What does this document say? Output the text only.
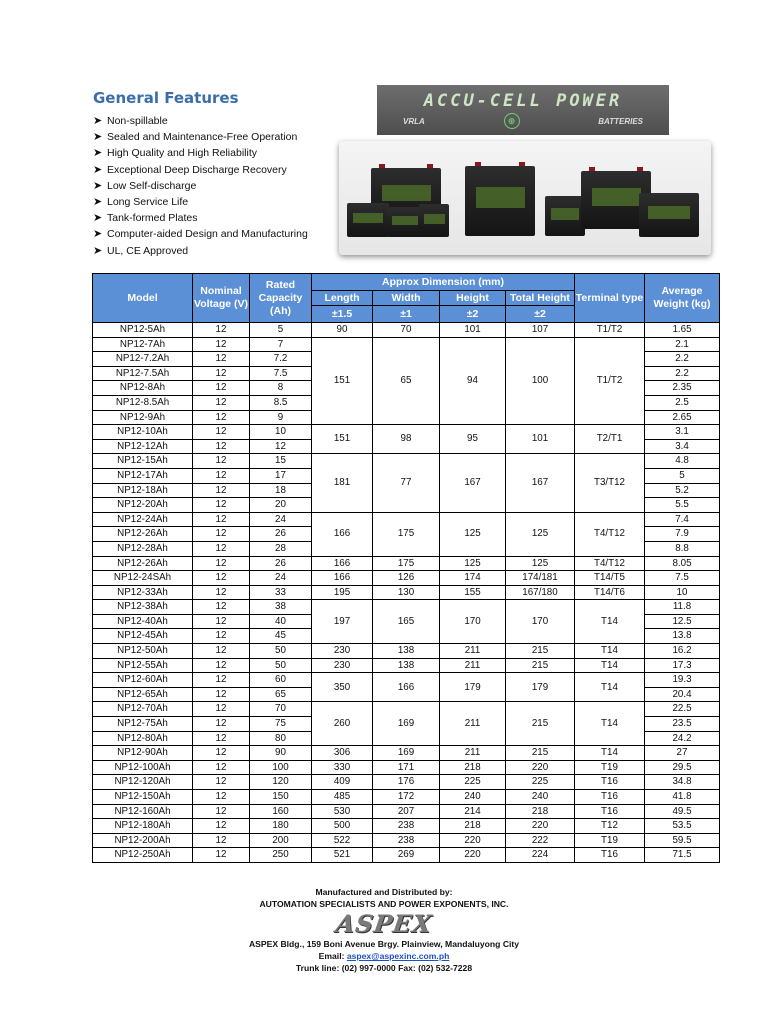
General Features
➤ Non-spillable
➤ Sealed and Maintenance-Free Operation
➤ High Quality and High Reliability
➤ Exceptional Deep Discharge Recovery
➤ Low Self-discharge
➤ Long Service Life
➤ Tank-formed Plates
➤ Computer-aided Design and Manufacturing
➤ UL, CE Approved
ACCU-CELL POWER
VRLA	⊕	BATTERIES
Model	Nominal Voltage (V)	Rated Capacity (Ah)	Approx Dimension (mm)				Terminal type	Average Weight (kg)
			Length	Width	Height	Total Height		
			±1.5	±1	±2	±2		
NP12-5Ah	12	5	90	70	101	107	T1/T2	1.65
NP12-7Ah	12	7	151	65	94	100	T1/T2	2.1
NP12-7.2Ah	12	7.2						2.2
NP12-7.5Ah	12	7.5						2.2
NP12-8Ah	12	8						2.35
NP12-8.5Ah	12	8.5						2.5
NP12-9Ah	12	9						2.65
NP12-10Ah	12	10	151	98	95	101	T2/T1	3.1
NP12-12Ah	12	12						3.4
NP12-15Ah	12	15	181	77	167	167	T3/T12	4.8
NP12-17Ah	12	17						5
NP12-18Ah	12	18						5.2
NP12-20Ah	12	20						5.5
NP12-24Ah	12	24	166	175	125	125	T4/T12	7.4
NP12-26Ah	12	26						7.9
NP12-28Ah	12	28						8.8
NP12-26Ah	12	26	166	175	125	125	T4/T12	8.05
NP12-24SAh	12	24	166	126	174	174/181	T14/T5	7.5
NP12-33Ah	12	33	195	130	155	167/180	T14/T6	10
NP12-38Ah	12	38	197	165	170	170	T14	11.8
NP12-40Ah	12	40						12.5
NP12-45Ah	12	45						13.8
NP12-50Ah	12	50	230	138	211	215	T14	16.2
NP12-55Ah	12	50	230	138	211	215	T14	17.3
NP12-60Ah	12	60	350	166	179	179	T14	19.3
NP12-65Ah	12	65						20.4
NP12-70Ah	12	70	260	169	211	215	T14	22.5
NP12-75Ah	12	75						23.5
NP12-80Ah	12	80						24.2
NP12-90Ah	12	90	306	169	211	215	T14	27
NP12-100Ah	12	100	330	171	218	220	T19	29.5
NP12-120Ah	12	120	409	176	225	225	T16	34.8
NP12-150Ah	12	150	485	172	240	240	T16	41.8
NP12-160Ah	12	160	530	207	214	218	T16	49.5
NP12-180Ah	12	180	500	238	218	220	T12	53.5
NP12-200Ah	12	200	522	238	220	222	T19	59.5
NP12-250Ah	12	250	521	269	220	224	T16	71.5
Manufactured and Distributed by:
AUTOMATION SPECIALISTS AND POWER EXPONENTS, INC.
ASPEX
ASPEX Bldg., 159 Boni Avenue Brgy. Plainview, Mandaluyong City
Email: aspex@aspexinc.com.ph
Trunk line: (02) 997-0000 Fax: (02) 532-7228
